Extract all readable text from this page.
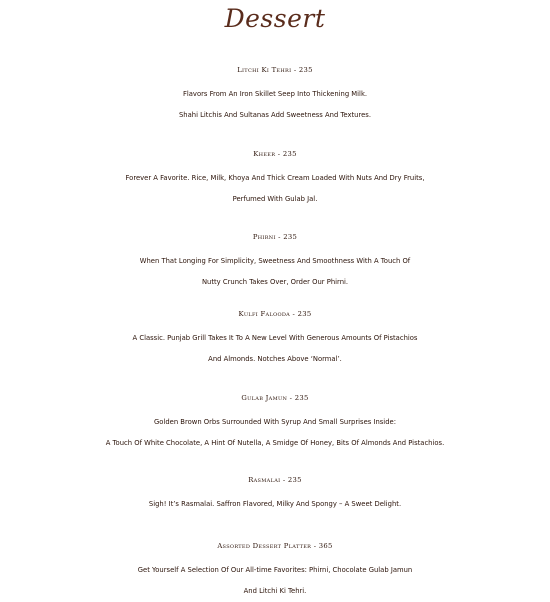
Dessert
Litchi Ki Tehri - 235
Flavors From An Iron Skillet Seep Into Thickening Milk.
Shahi Litchis And Sultanas Add Sweetness And Textures.
Kheer - 235
Forever A Favorite. Rice, Milk, Khoya And Thick Cream Loaded With Nuts And Dry Fruits,
Perfumed With Gulab Jal.
Phirni - 235
When That Longing For Simplicity, Sweetness And Smoothness With A Touch Of
Nutty Crunch Takes Over, Order Our Phirni.
Kulfi Falooda - 235
A Classic. Punjab Grill Takes It To A New Level With Generous Amounts Of Pistachios
And Almonds. Notches Above ‘Normal’.
Gulab Jamun - 235
Golden Brown Orbs Surrounded With Syrup And Small Surprises Inside:
A Touch Of White Chocolate, A Hint Of Nutella, A Smidge Of Honey, Bits Of Almonds And Pistachios.
Rasmalai - 235
Sigh! It’s Rasmalai. Saffron Flavored, Milky And Spongy – A Sweet Delight.
Assorted Dessert Platter - 365
Get Yourself A Selection Of Our All-time Favorites: Phirni, Chocolate Gulab Jamun
And Litchi Ki Tehri.
